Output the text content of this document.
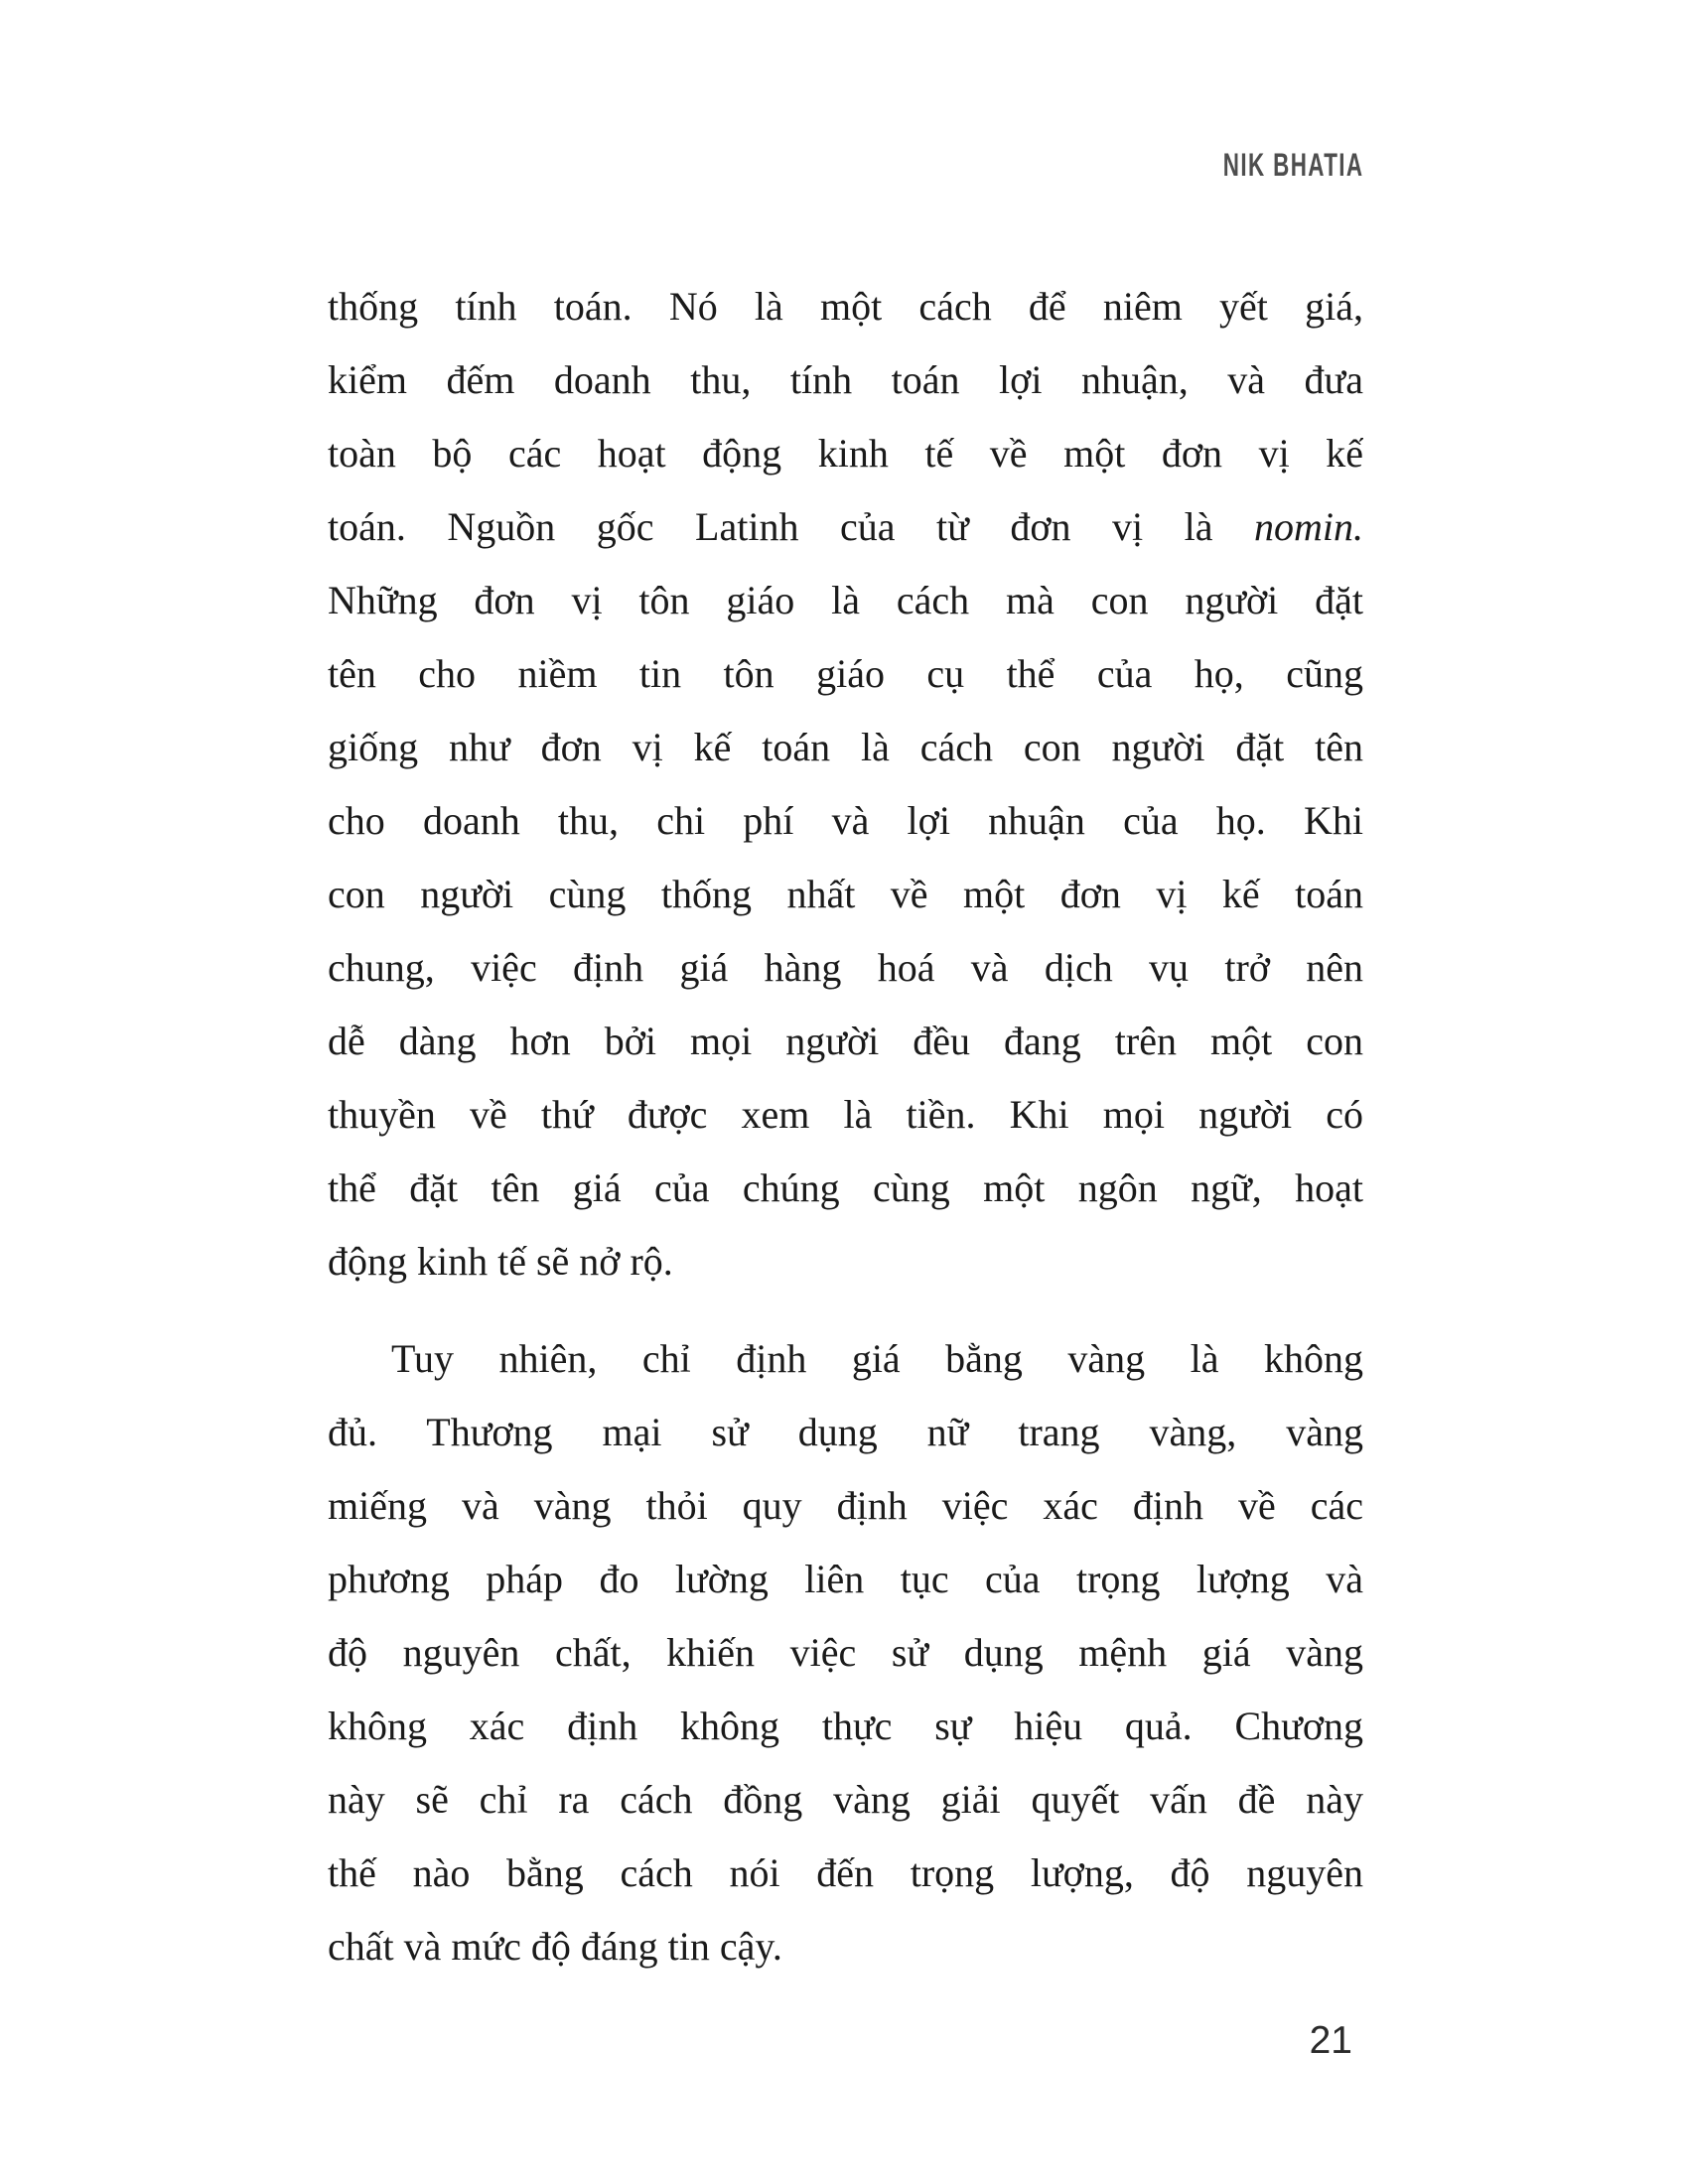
NIK BHATIA
thống tính toán. Nó là một cách để niêm yết giá,
kiểm đếm doanh thu, tính toán lợi nhuận, và đưa
toàn bộ các hoạt động kinh tế về một đơn vị kế
toán. Nguồn gốc Latinh của từ đơn vị là nomin.
Những đơn vị tôn giáo là cách mà con người đặt
tên cho niềm tin tôn giáo cụ thể của họ, cũng
giống như đơn vị kế toán là cách con người đặt tên
cho doanh thu, chi phí và lợi nhuận của họ. Khi
con người cùng thống nhất về một đơn vị kế toán
chung, việc định giá hàng hoá và dịch vụ trở nên
dễ dàng hơn bởi mọi người đều đang trên một con
thuyền về thứ được xem là tiền. Khi mọi người có
thể đặt tên giá của chúng cùng một ngôn ngữ, hoạt
động kinh tế sẽ nở rộ.
Tuy nhiên, chỉ định giá bằng vàng là không
đủ. Thương mại sử dụng nữ trang vàng, vàng
miếng và vàng thỏi quy định việc xác định về các
phương pháp đo lường liên tục của trọng lượng và
độ nguyên chất, khiến việc sử dụng mệnh giá vàng
không xác định không thực sự hiệu quả. Chương
này sẽ chỉ ra cách đồng vàng giải quyết vấn đề này
thế nào bằng cách nói đến trọng lượng, độ nguyên
chất và mức độ đáng tin cậy.
21
